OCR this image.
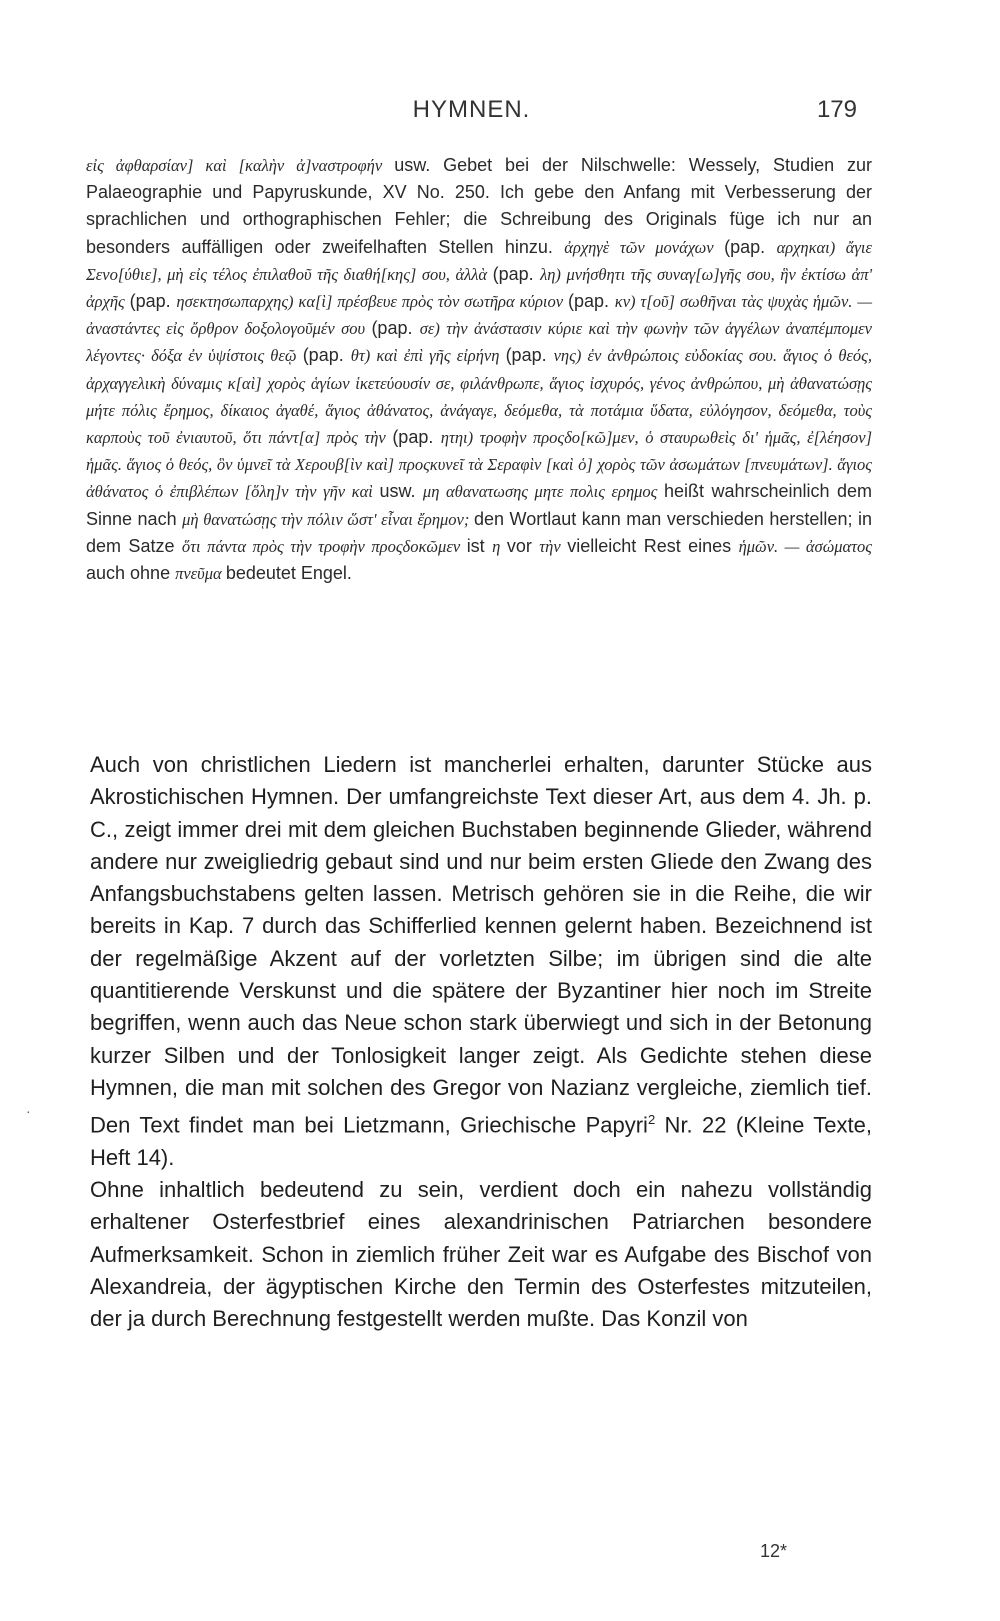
HYMNEN.	179

εἰς ἀφθαρσίαν] καὶ [καλὴν ἀ]ναστροφήν usw. Gebet bei der Nilschwelle: Wessely, Studien zur Palaeographie und Papyruskunde, XV No. 250. Ich gebe den Anfang mit Verbesserung der sprachlichen und orthographischen Fehler; die Schreibung des Originals füge ich nur an besonders auffälligen oder zweifelhaften Stellen hinzu. ἀρχηγὲ τῶν μονάχων (pap. αρχηκαι) ἄγιε Σενο[ύθιε], μὴ εἰς τέλος ἐπιλαθοῦ τῆς διαθή[κης] σου, ἀλλὰ (pap. λη) μνήσθητι τῆς συναγ[ω]γῆς σου, ἣν ἐκτίσω ἀπ' ἀρχῆς (pap. ησεκτησωπαρχης) κα[ὶ] πρέσβευε πρὸς τὸν σωτῆρα κύριον (pap. κν) τ[οῦ] σωθῆναι τὰς ψυχὰς ἡμῶν. — ἀναστάντες εἰς ὄρθρον δοξολογοῦμέν σου (pap. σε) τὴν ἀνάστασιν κύριε καὶ τὴν φωνὴν τῶν ἀγγέλων ἀναπέμπομεν λέγοντες· δόξα ἐν ὑψίστοις θεῷ (pap. θτ) καὶ ἐπὶ γῆς εἰρήνη (pap. νης) ἐν ἀνθρώποις εὐδοκίας σου. ἅγιος ὁ θεός, ἀρχαγγελικὴ δύναμις κ[αὶ] χορὸς ἁγίων ἱκετεύουσίν σε, φιλάνθρωπε, ἅγιος ἰσχυρός, γένος ἀνθρώπου, μὴ ἀθανατώσῃς μήτε πόλις ἔρημος, δίκαιος ἀγαθέ, ἅγιος ἀθάνατος, ἀνάγαγε, δεόμεθα, τὰ ποτάμια ὕδατα, εὐλόγησον, δεόμεθα, τοὺς καρποὺς τοῦ ἐνιαυτοῦ, ὅτι πάντ[α] πρὸς τὴν (pap. ητηι) τροφὴν προςδο[κῶ]μεν, ὁ σταυρωθεὶς δι' ἡμᾶς, ἐ[λέησον] ἡμᾶς. ἅγιος ὁ θεός, ὃν ὑμνεῖ τὰ Χερουβ[ὶν καὶ] προςκυνεῖ τὰ Σεραφὶν [καὶ ὁ] χορὸς τῶν ἀσωμάτων [πνευμάτων]. ἅγιος ἀθάνατος ὁ ἐπιβλέπων [ὅλη]ν τὴν γῆν καὶ usw. μη αθανατωσης μητε πολις ερημος heißt wahrscheinlich dem Sinne nach μὴ θανατώσῃς τὴν πόλιν ὥστ' εἶναι ἔρημον; den Wortlaut kann man verschieden herstellen; in dem Satze ὅτι πάντα πρὸς τὴν τροφὴν προςδοκῶμεν ist η vor τὴν vielleicht Rest eines ἡμῶν. — ἀσώματος auch ohne πνεῦμα bedeutet Engel.

Auch von christlichen Liedern ist mancherlei erhalten, darunter Stücke aus Akrostichischen Hymnen. Der umfangreichste Text dieser Art, aus dem 4. Jh. p. C., zeigt immer drei mit dem gleichen Buchstaben beginnende Glieder, während andere nur zweigliedrig gebaut sind und nur beim ersten Gliede den Zwang des Anfangsbuchstabens gelten lassen. Metrisch gehören sie in die Reihe, die wir bereits in Kap. 7 durch das Schifferlied kennen gelernt haben. Bezeichnend ist der regelmäßige Akzent auf der vorletzten Silbe; im übrigen sind die alte quantitierende Verskunst und die spätere der Byzantiner hier noch im Streite begriffen, wenn auch das Neue schon stark überwiegt und sich in der Betonung kurzer Silben und der Tonlosigkeit langer zeigt. Als Gedichte stehen diese Hymnen, die man mit solchen des Gregor von Nazianz vergleiche, ziemlich tief. Den Text findet man bei Lietzmann, Griechische Papyri$^2$ Nr. 22 (Kleine Texte, Heft 14).

Ohne inhaltlich bedeutend zu sein, verdient doch ein nahezu vollständig erhaltener Osterfestbrief eines alexandrinischen Patriarchen besondere Aufmerksamkeit. Schon in ziemlich früher Zeit war es Aufgabe des Bischof von Alexandreia, der ägyptischen Kirche den Termin des Osterfestes mitzuteilen, der ja durch Berechnung festgestellt werden mußte. Das Konzil von

12*
·
